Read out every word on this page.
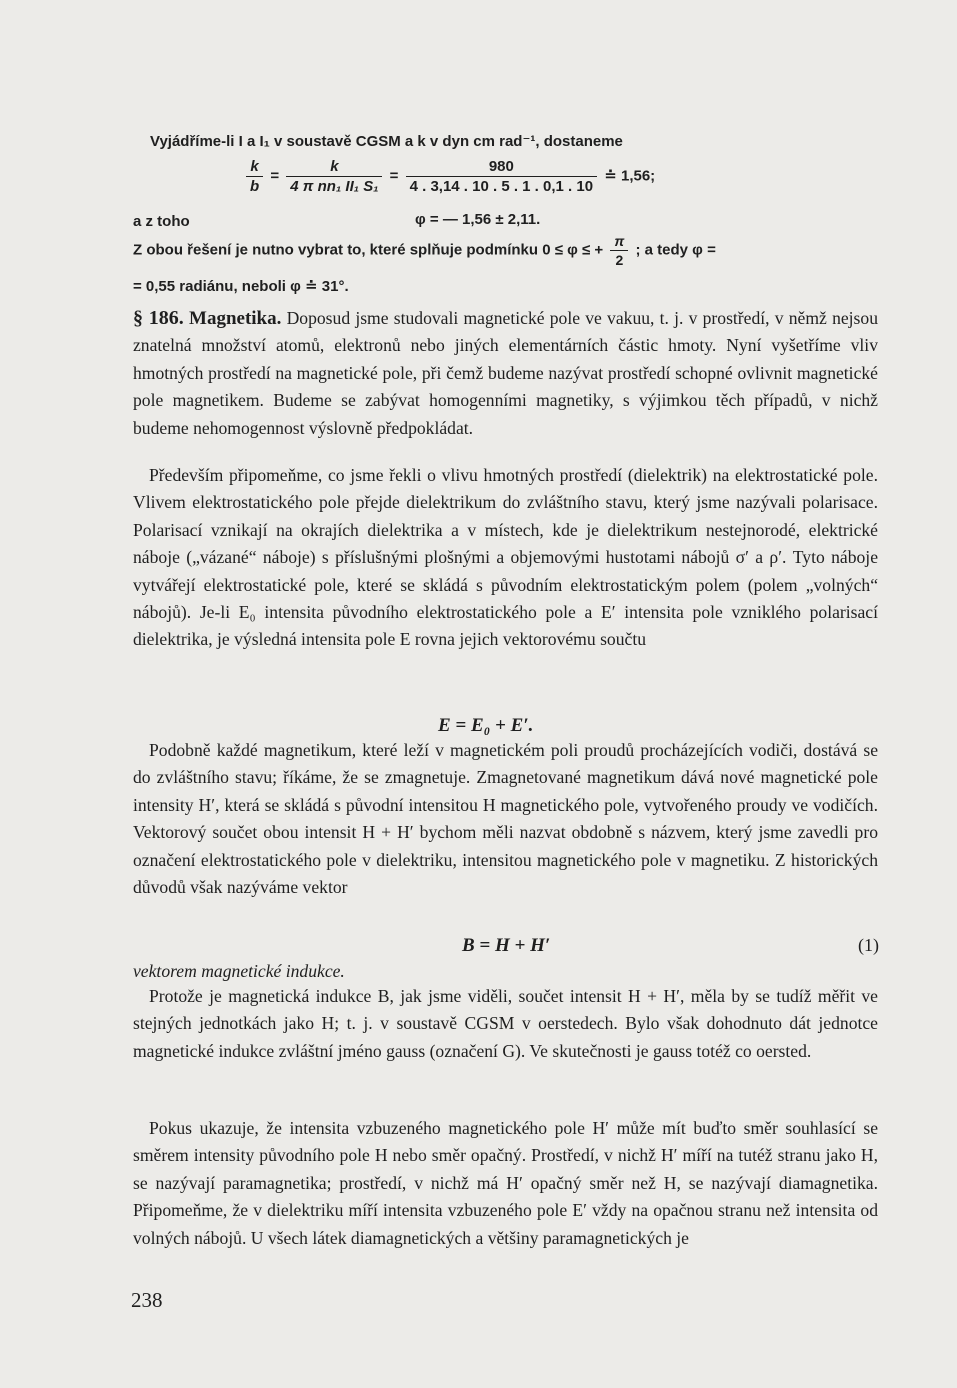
Vyjádříme-li I a I₁ v soustavě CGSM a k v dyn cm rad⁻¹, dostaneme
$\frac{k}{b} = \frac{k}{\text{4 π nn₁ II₁ S₁}} = \frac{980}{4 . 3,14 . 10 . 5 . 1 . 0,1 . 10}$ ≐ 1,56;
a z toho	φ = — 1,56 ± 2,11.
Z obou řešení je nutno vybrat to, které splňuje podmínku 0 ≤ φ ≤ + $\frac{\pi}{2}$ ; a tedy φ =
= 0,55 radiánu, neboli φ ≐ 31°.

§ 186. Magnetika. Doposud jsme studovali magnetické pole ve vakuu, t. j. v prostředí, v němž nejsou znatelná množství atomů, elektronů nebo jiných elementárních částic hmoty. Nyní vyšetříme vliv hmotných prostředí na magnetické pole, při čemž budeme nazývat prostředí schopné ovlivnit magnetické pole magnetikem. Budeme se zabývat homogenními magnetiky, s výjimkou těch případů, v nichž budeme nehomogennost výslovně předpokládat.

Především připomeňme, co jsme řekli o vlivu hmotných prostředí (dielektrik) na elektrostatické pole. Vlivem elektrostatického pole přejde dielektrikum do zvláštního stavu, který jsme nazývali polarisace. Polarisací vznikají na okrajích dielektrika a v místech, kde je dielektrikum nestejnorodé, elektrické náboje („vázané“ náboje) s příslušnými plošnými a objemovými hustotami nábojů σ′ a ρ′. Tyto náboje vytvářejí elektrostatické pole, které se skládá s původním elektrostatickým polem (polem „volných“ nábojů). Je-li E₀ intensita původního elektrostatického pole a E′ intensita pole vzniklého polarisací dielektrika, je výsledná intensita pole E rovna jejich vektorovému součtu

E = E₀ + E′.

Podobně každé magnetikum, které leží v magnetickém poli proudů procházejících vodiči, dostává se do zvláštního stavu; říkáme, že se zmagnetuje. Zmagnetované magnetikum dává nové magnetické pole intensity H′, která se skládá s původní intensitou H magnetického pole, vytvořeného proudy ve vodičích. Vektorový součet obou intensit H + H′ bychom měli nazvat obdobně s názvem, který jsme zavedli pro označení elektrostatického pole v dielektriku, intensitou magnetického pole v magnetiku. Z historických důvodů však nazýváme vektor

B = H + H′	(1)

vektorem magnetické indukce.

Protože je magnetická indukce B, jak jsme viděli, součet intensit H + H′, měla by se tudíž měřit ve stejných jednotkách jako H; t. j. v soustavě CGSM v oerstedech. Bylo však dohodnuto dát jednotce magnetické indukce zvláštní jméno gauss (označení G). Ve skutečnosti je gauss totéž co oersted.

Pokus ukazuje, že intensita vzbuzeného magnetického pole H′ může mít buďto směr souhlasící se směrem intensity původního pole H nebo směr opačný. Prostředí, v nichž H′ míří na tutéž stranu jako H, se nazývají paramagnetika; prostředí, v nichž má H′ opačný směr než H, se nazývají diamagnetika. Připomeňme, že v dielektriku míří intensita vzbuzeného pole E′ vždy na opačnou stranu než intensita od volných nábojů. U všech látek diamagnetických a většiny paramagnetických je

238
